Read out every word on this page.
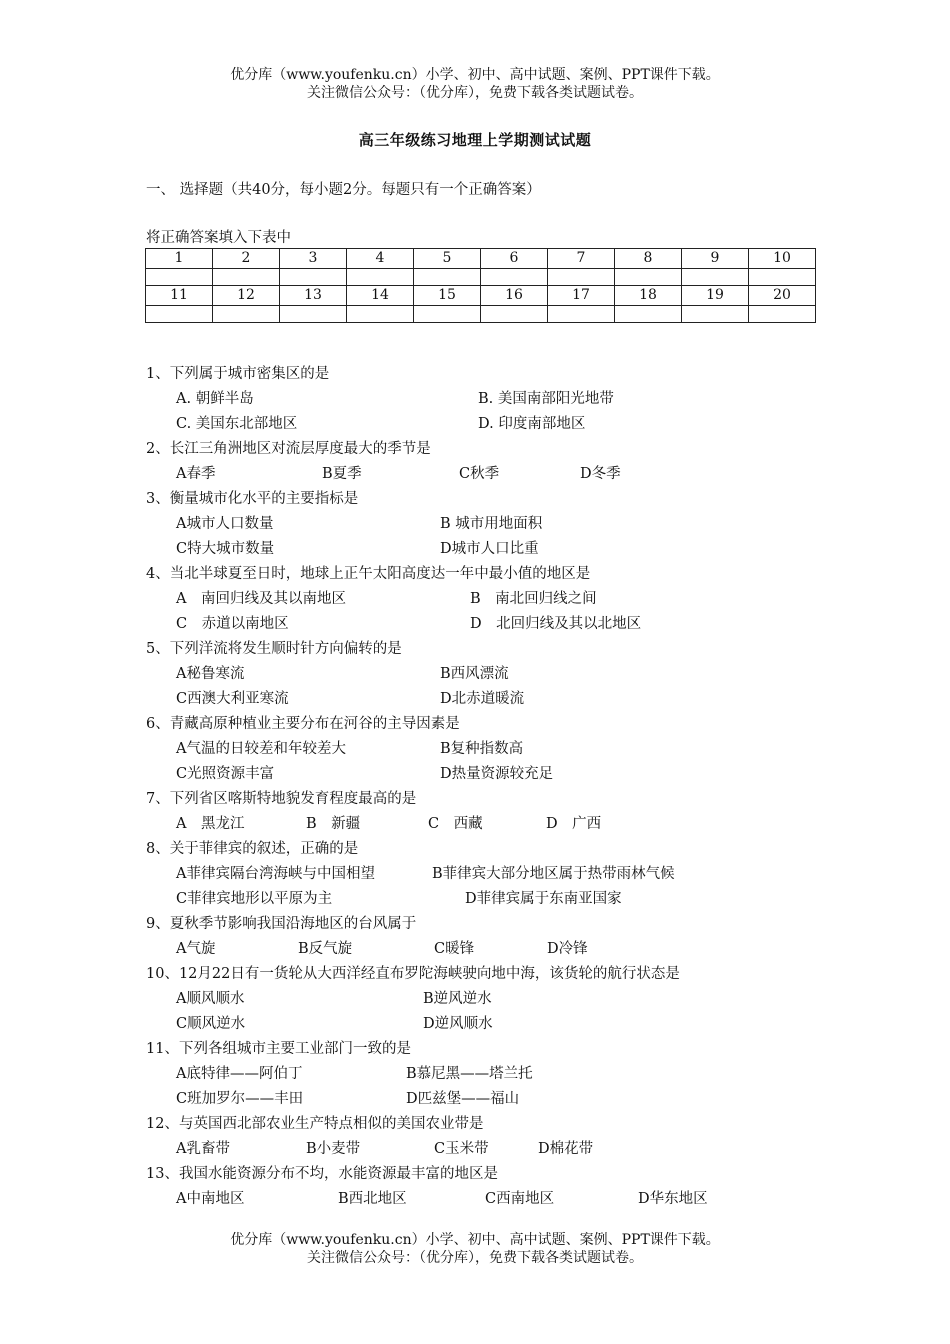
优分库（www.youfenku.cn）小学、初中、高中试题、案例、PPT课件下载。
关注微信公众号：（优分库），免费下载各类试题试卷。
高三年级练习地理上学期测试试题
一、 选择题（共40分，每小题2分。每题只有一个正确答案）
将正确答案填入下表中
1	2	3	4	5	6	7	8	9	10

11	12	13	14	15	16	17	18	19	20

1、下列属于城市密集区的是
A. 朝鲜半岛	B. 美国南部阳光地带
C. 美国东北部地区	D. 印度南部地区
2、长江三角洲地区对流层厚度最大的季节是
A春季	B夏季	C秋季	D冬季
3、衡量城市化水平的主要指标是
A城市人口数量	B 城市用地面积
C特大城市数量	D城市人口比重
4、当北半球夏至日时，地球上正午太阳高度达一年中最小值的地区是
A　南回归线及其以南地区	B　南北回归线之间
C　赤道以南地区	D　北回归线及其以北地区
5、下列洋流将发生顺时针方向偏转的是
A秘鲁寒流	B西风漂流
C西澳大利亚寒流	D北赤道暖流
6、青藏高原种植业主要分布在河谷的主导因素是
A气温的日较差和年较差大	B复种指数高
C光照资源丰富	D热量资源较充足
7、下列省区喀斯特地貌发育程度最高的是
A　黑龙江	B　新疆	C　西藏	D　广西
8、关于菲律宾的叙述，正确的是
A菲律宾隔台湾海峡与中国相望	B菲律宾大部分地区属于热带雨林气候
C菲律宾地形以平原为主	D菲律宾属于东南亚国家
9、夏秋季节影响我国沿海地区的台风属于
A气旋	B反气旋	C暖锋	D冷锋
10、12月22日有一货轮从大西洋经直布罗陀海峡驶向地中海，该货轮的航行状态是
A顺风顺水	B逆风逆水
C顺风逆水	D逆风顺水
11、下列各组城市主要工业部门一致的是
A底特律——阿伯丁	B慕尼黑——塔兰托
C班加罗尔——丰田	D匹兹堡——福山
12、与英国西北部农业生产特点相似的美国农业带是
A乳畜带	B小麦带	C玉米带	D棉花带
13、我国水能资源分布不均，水能资源最丰富的地区是
A中南地区	B西北地区	C西南地区	D华东地区
优分库（www.youfenku.cn）小学、初中、高中试题、案例、PPT课件下载。
关注微信公众号：（优分库），免费下载各类试题试卷。
